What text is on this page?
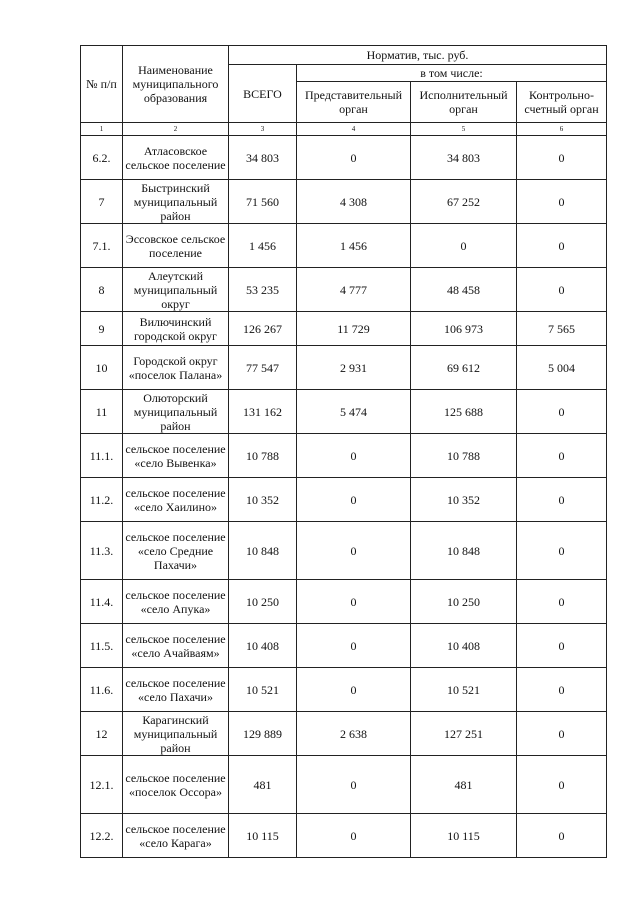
№ п/п	Наименование муниципального образования	Норматив, тыс. руб.			
		ВСЕГО	в том числе:		
			Представительный орган	Исполнительный орган	Контрольно-счетный орган
1	2	3	4	5	6
6.2.	Атласовское сельское поселение	34 803	0	34 803	0
7	Быстринский муниципальный район	71 560	4 308	67 252	0
7.1.	Эссовское сельское поселение	1 456	1 456	0	0
8	Алеутский муниципальный округ	53 235	4 777	48 458	0
9	Вилючинский городской округ	126 267	11 729	106 973	7 565
10	Городской округ «поселок Палана»	77 547	2 931	69 612	5 004
11	Олюторский муниципальный район	131 162	5 474	125 688	0
11.1.	сельское поселение «село Вывенка»	10 788	0	10 788	0
11.2.	сельское поселение «село Хаилино»	10 352	0	10 352	0
11.3.	сельское поселение «село Средние Пахачи»	10 848	0	10 848	0
11.4.	сельское поселение «село Апука»	10 250	0	10 250	0
11.5.	сельское поселение «село Ачайваям»	10 408	0	10 408	0
11.6.	сельское поселение «село Пахачи»	10 521	0	10 521	0
12	Карагинский муниципальный район	129 889	2 638	127 251	0
12.1.	сельское поселение «поселок Оссора»	481	0	481	0
12.2.	сельское поселение «село Карага»	10 115	0	10 115	0
